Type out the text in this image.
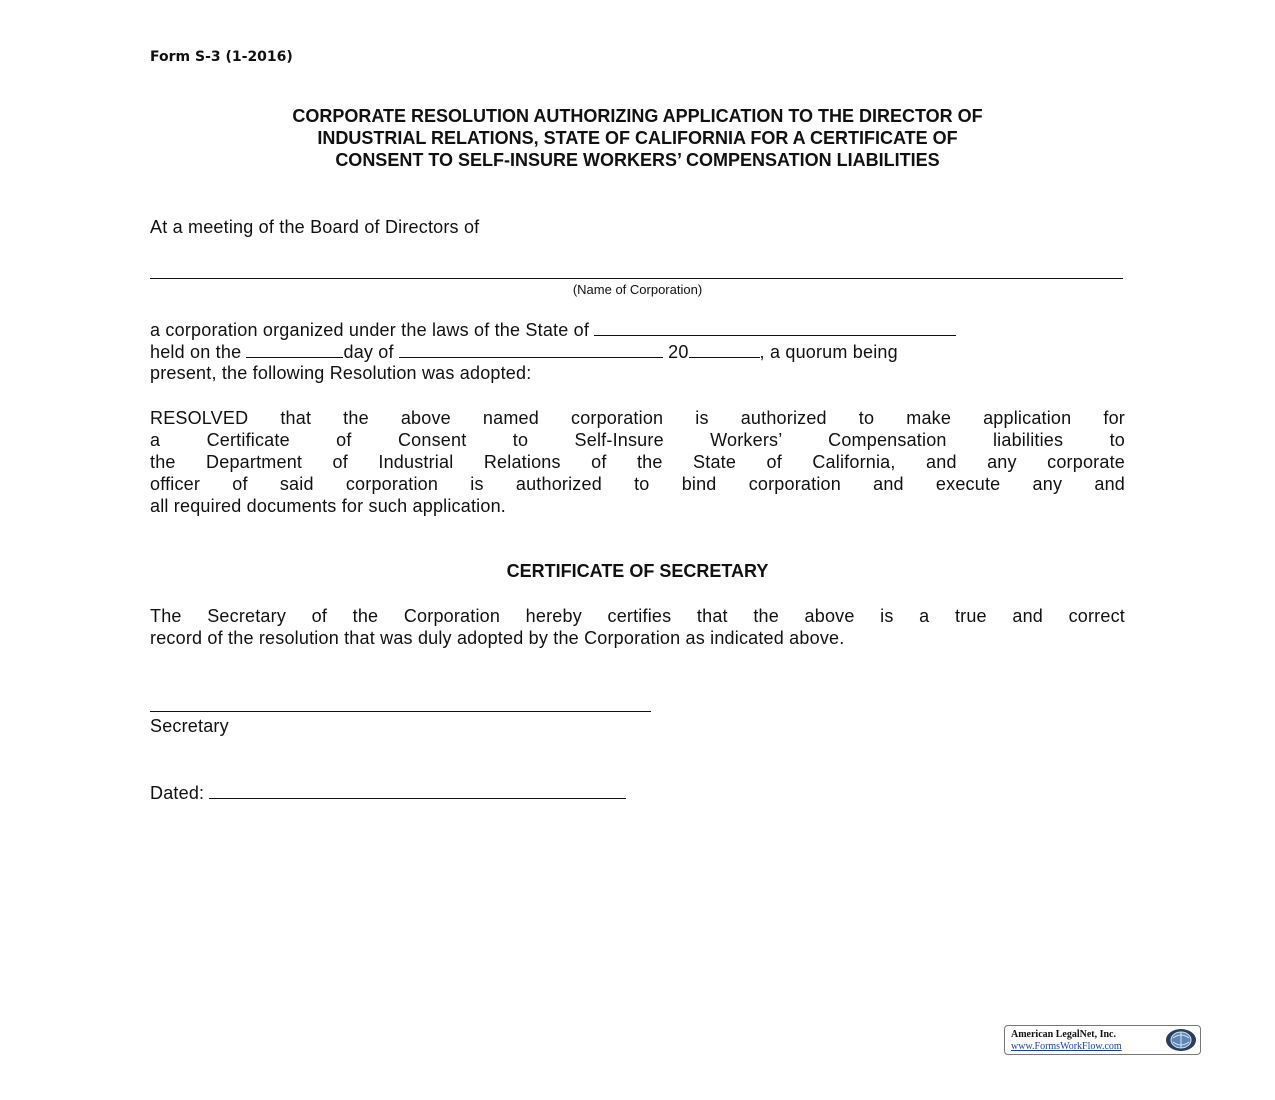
Form S-3 (1-2016)
CORPORATE RESOLUTION AUTHORIZING APPLICATION TO THE DIRECTOR OF
INDUSTRIAL RELATIONS, STATE OF CALIFORNIA FOR A CERTIFICATE OF
CONSENT TO SELF-INSURE WORKERS’ COMPENSATION LIABILITIES
At a meeting of the Board of Directors of
(Name of Corporation)
a corporation organized under the laws of the State of
held on the	day of	20	, a quorum being
present, the following Resolution was adopted:
RESOLVED that the above named corporation is authorized to make application for
a Certificate of Consent to Self-Insure Workers’ Compensation liabilities to
the Department of Industrial Relations of the State of California, and any corporate
officer of said corporation is authorized to bind corporation and execute any and
all required documents for such application.
CERTIFICATE OF SECRETARY
The Secretary of the Corporation hereby certifies that the above is a true and correct
record of the resolution that was duly adopted by the Corporation as indicated above.
Secretary
Dated:
American LegalNet, Inc.
www.FormsWorkFlow.com
